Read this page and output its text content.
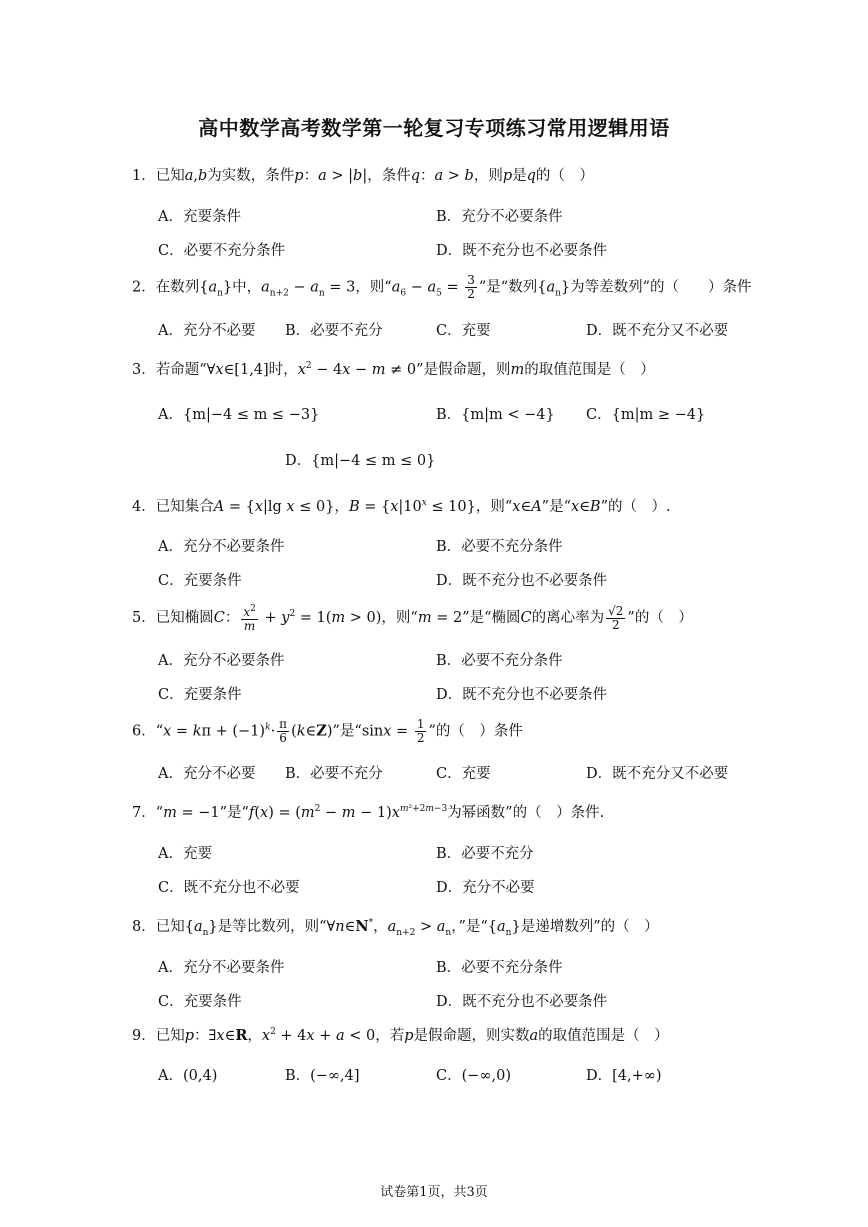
高中数学高考数学第一轮复习专项练习常用逻辑用语
1．已知a,b为实数，条件p：a > |b|，条件q：a > b，则p是q的（　）
A．充要条件	B．充分不必要条件
C．必要不充分条件	D．既不充分也不必要条件
2．在数列$\{a_n\}$中，$a_{n+2} - a_n = 3$，则“$a_6 - a_5 = \frac{3}{2}$ ”是“数列$\{a_n\}$为等差数列”的（　　）条件
A．充分不必要 B．必要不充分	C．充要	D．既不充分又不必要
3．若命题“∀x∈[1,4]时，$x^2 - 4x - m \ne 0$”是假命题，则m的取值范围是（　）
A．{m|−4 ≤ m ≤ −3}	B．{m|m < −4} C．{m|m ≥ −4}
D．{m|−4 ≤ m ≤ 0}
4．已知集合A = {x|lg x ≤ 0}，$B = \{x|10^x \le 10\}$，则“x∈A”是“x∈B”的（　）.
A．充分不必要条件	B．必要不充分条件
C．充要条件	D．既不充分也不必要条件
5．已知椭圆C： $\frac{x^2}{m} + y^2 = 1(m > 0)$，则“m = 2”是“椭圆C的离心率为 $\frac{√2}{2}$ ”的（　）
A．充分不必要条件	B．必要不充分条件
C．充要条件	D．既不充分也不必要条件
6．“$x = k\pi + (-1)^k\cdot \frac{\pi}{6}$ (k∈Z)”是“$\sin x = \frac{1}{2}$ ”的（　）条件
A．充分不必要 B．必要不充分	C．充要	D．既不充分又不必要
7．“m = −1”是“$f(x) = (m^2 - m - 1)x^{m^2+2m-3}$为幂函数”的（　）条件.
A．充要	B．必要不充分
C．既不充分也不必要	D．充分不必要
8．已知$\{a_n\}$是等比数列，则“∀n∈N*，$a_{n+2} > a_n$，”是“$\{a_n\}$是递增数列”的（　）
A．充分不必要条件	B．必要不充分条件
C．充要条件	D．既不充分也不必要条件
9．已知p：∃x∈R，$x^2 + 4x + a < 0$，若p是假命题，则实数a的取值范围是（　）
A．(0,4)	B．(−∞,4]	C．(−∞,0)	D．[4,+∞)
试卷第1页，共3页
